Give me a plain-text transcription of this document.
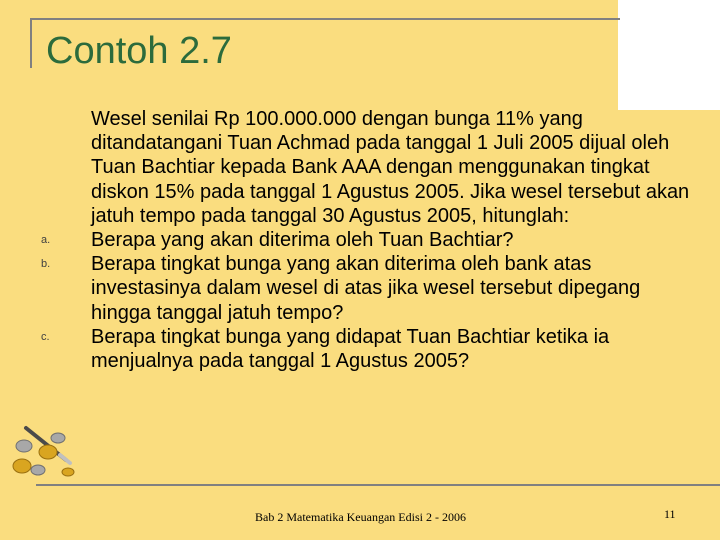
Contoh 2.7

Wesel senilai Rp 100.000.000 dengan bunga 11% yang ditandatangani Tuan Achmad pada tanggal 1 Juli 2005 dijual oleh Tuan Bachtiar kepada Bank AAA dengan menggunakan tingkat diskon 15% pada tanggal 1 Agustus 2005. Jika wesel tersebut akan jatuh tempo pada tanggal 30 Agustus 2005, hitunglah:

a. Berapa yang akan diterima oleh Tuan Bachtiar?
b. Berapa tingkat bunga yang akan diterima oleh bank atas investasinya dalam wesel di atas jika wesel tersebut dipegang hingga tanggal jatuh tempo?
c. Berapa tingkat bunga yang didapat Tuan Bachtiar ketika ia menjualnya pada tanggal 1 Agustus 2005?
Bab 2 Matematika Keuangan Edisi 2 - 2006	11
